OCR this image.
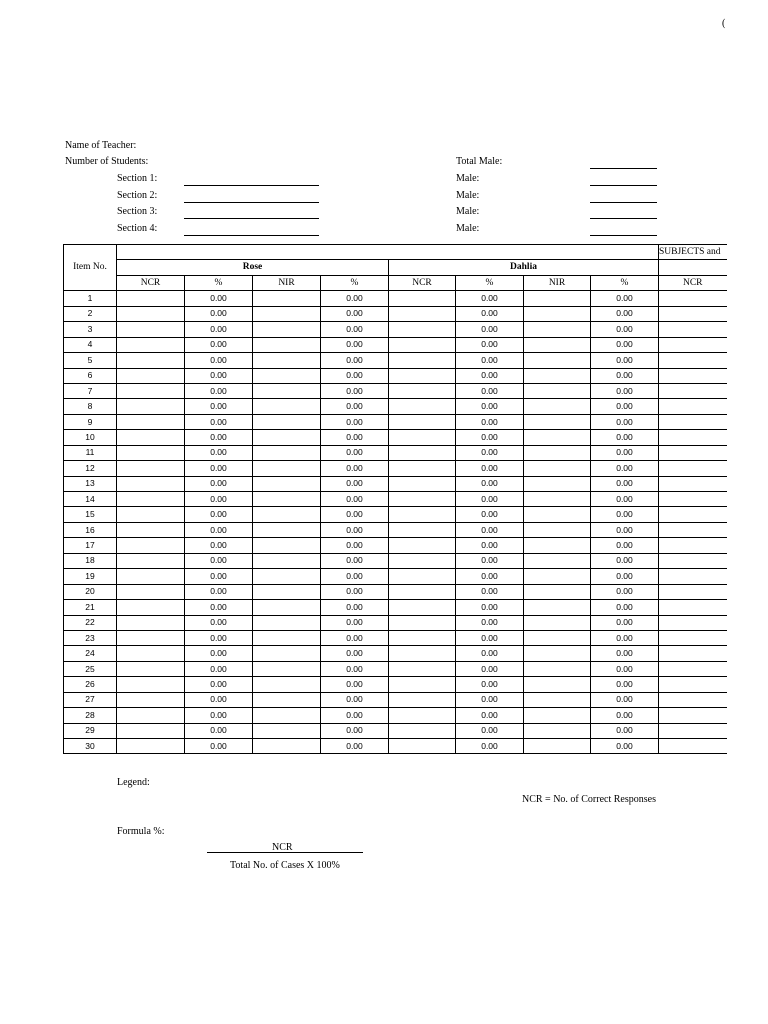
(
Name of Teacher:
Number of Students:	Total Male:
Section 1:	Male:
Section 2:	Male:
Section 3:	Male:
Section 4:	Male:
Item No.									SUBJECTS and
	Rose				Dahlia				
	NCR	%	NIR	%	NCR	%	NIR	%	NCR
1		0.00		0.00		0.00		0.00	
2		0.00		0.00		0.00		0.00	
3		0.00		0.00		0.00		0.00	
4		0.00		0.00		0.00		0.00	
5		0.00		0.00		0.00		0.00	
6		0.00		0.00		0.00		0.00	
7		0.00		0.00		0.00		0.00	
8		0.00		0.00		0.00		0.00	
9		0.00		0.00		0.00		0.00	
10		0.00		0.00		0.00		0.00	
11		0.00		0.00		0.00		0.00	
12		0.00		0.00		0.00		0.00	
13		0.00		0.00		0.00		0.00	
14		0.00		0.00		0.00		0.00	
15		0.00		0.00		0.00		0.00	
16		0.00		0.00		0.00		0.00	
17		0.00		0.00		0.00		0.00	
18		0.00		0.00		0.00		0.00	
19		0.00		0.00		0.00		0.00	
20		0.00		0.00		0.00		0.00	
21		0.00		0.00		0.00		0.00	
22		0.00		0.00		0.00		0.00	
23		0.00		0.00		0.00		0.00	
24		0.00		0.00		0.00		0.00	
25		0.00		0.00		0.00		0.00	
26		0.00		0.00		0.00		0.00	
27		0.00		0.00		0.00		0.00	
28		0.00		0.00		0.00		0.00	
29		0.00		0.00		0.00		0.00	
30		0.00		0.00		0.00		0.00	
Legend:
NCR = No. of Correct Responses
Formula %:
NCR
Total No. of Cases X 100%
